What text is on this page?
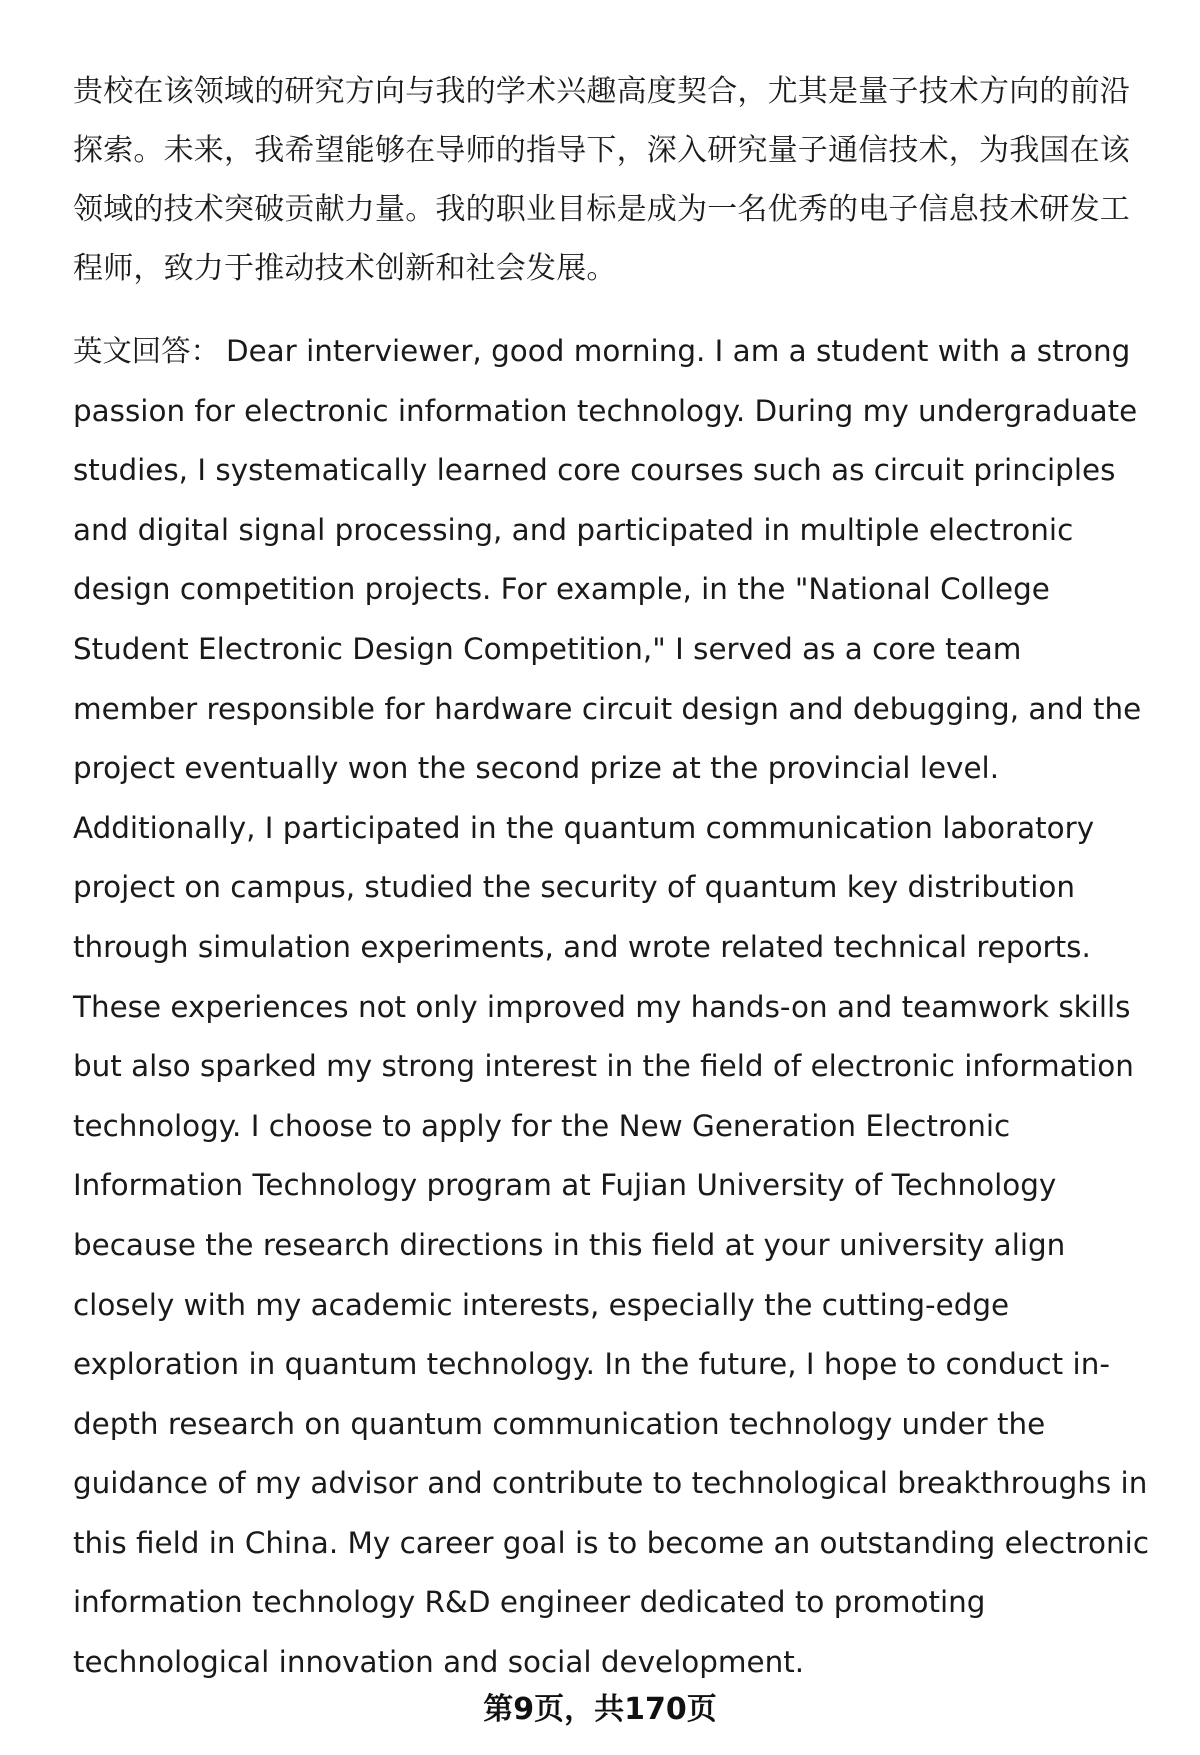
贵校在该领域的研究方向与我的学术兴趣高度契合，尤其是量子技术方向的前沿探索。未来，我希望能够在导师的指导下，深入研究量子通信技术，为我国在该领域的技术突破贡献力量。我的职业目标是成为一名优秀的电子信息技术研发工程师，致力于推动技术创新和社会发展。

英文回答： Dear interviewer, good morning. I am a student with a strong passion for electronic information technology. During my undergraduate studies, I systematically learned core courses such as circuit principles and digital signal processing, and participated in multiple electronic design competition projects. For example, in the "National College Student Electronic Design Competition," I served as a core team member responsible for hardware circuit design and debugging, and the project eventually won the second prize at the provincial level. Additionally, I participated in the quantum communication laboratory project on campus, studied the security of quantum key distribution through simulation experiments, and wrote related technical reports. These experiences not only improved my hands-on and teamwork skills but also sparked my strong interest in the field of electronic information technology. I choose to apply for the New Generation Electronic Information Technology program at Fujian University of Technology because the research directions in this field at your university align closely with my academic interests, especially the cutting-edge exploration in quantum technology. In the future, I hope to conduct in-depth research on quantum communication technology under the guidance of my advisor and contribute to technological breakthroughs in this field in China. My career goal is to become an outstanding electronic information technology R&D engineer dedicated to promoting technological innovation and social development.

第9页，共170页
